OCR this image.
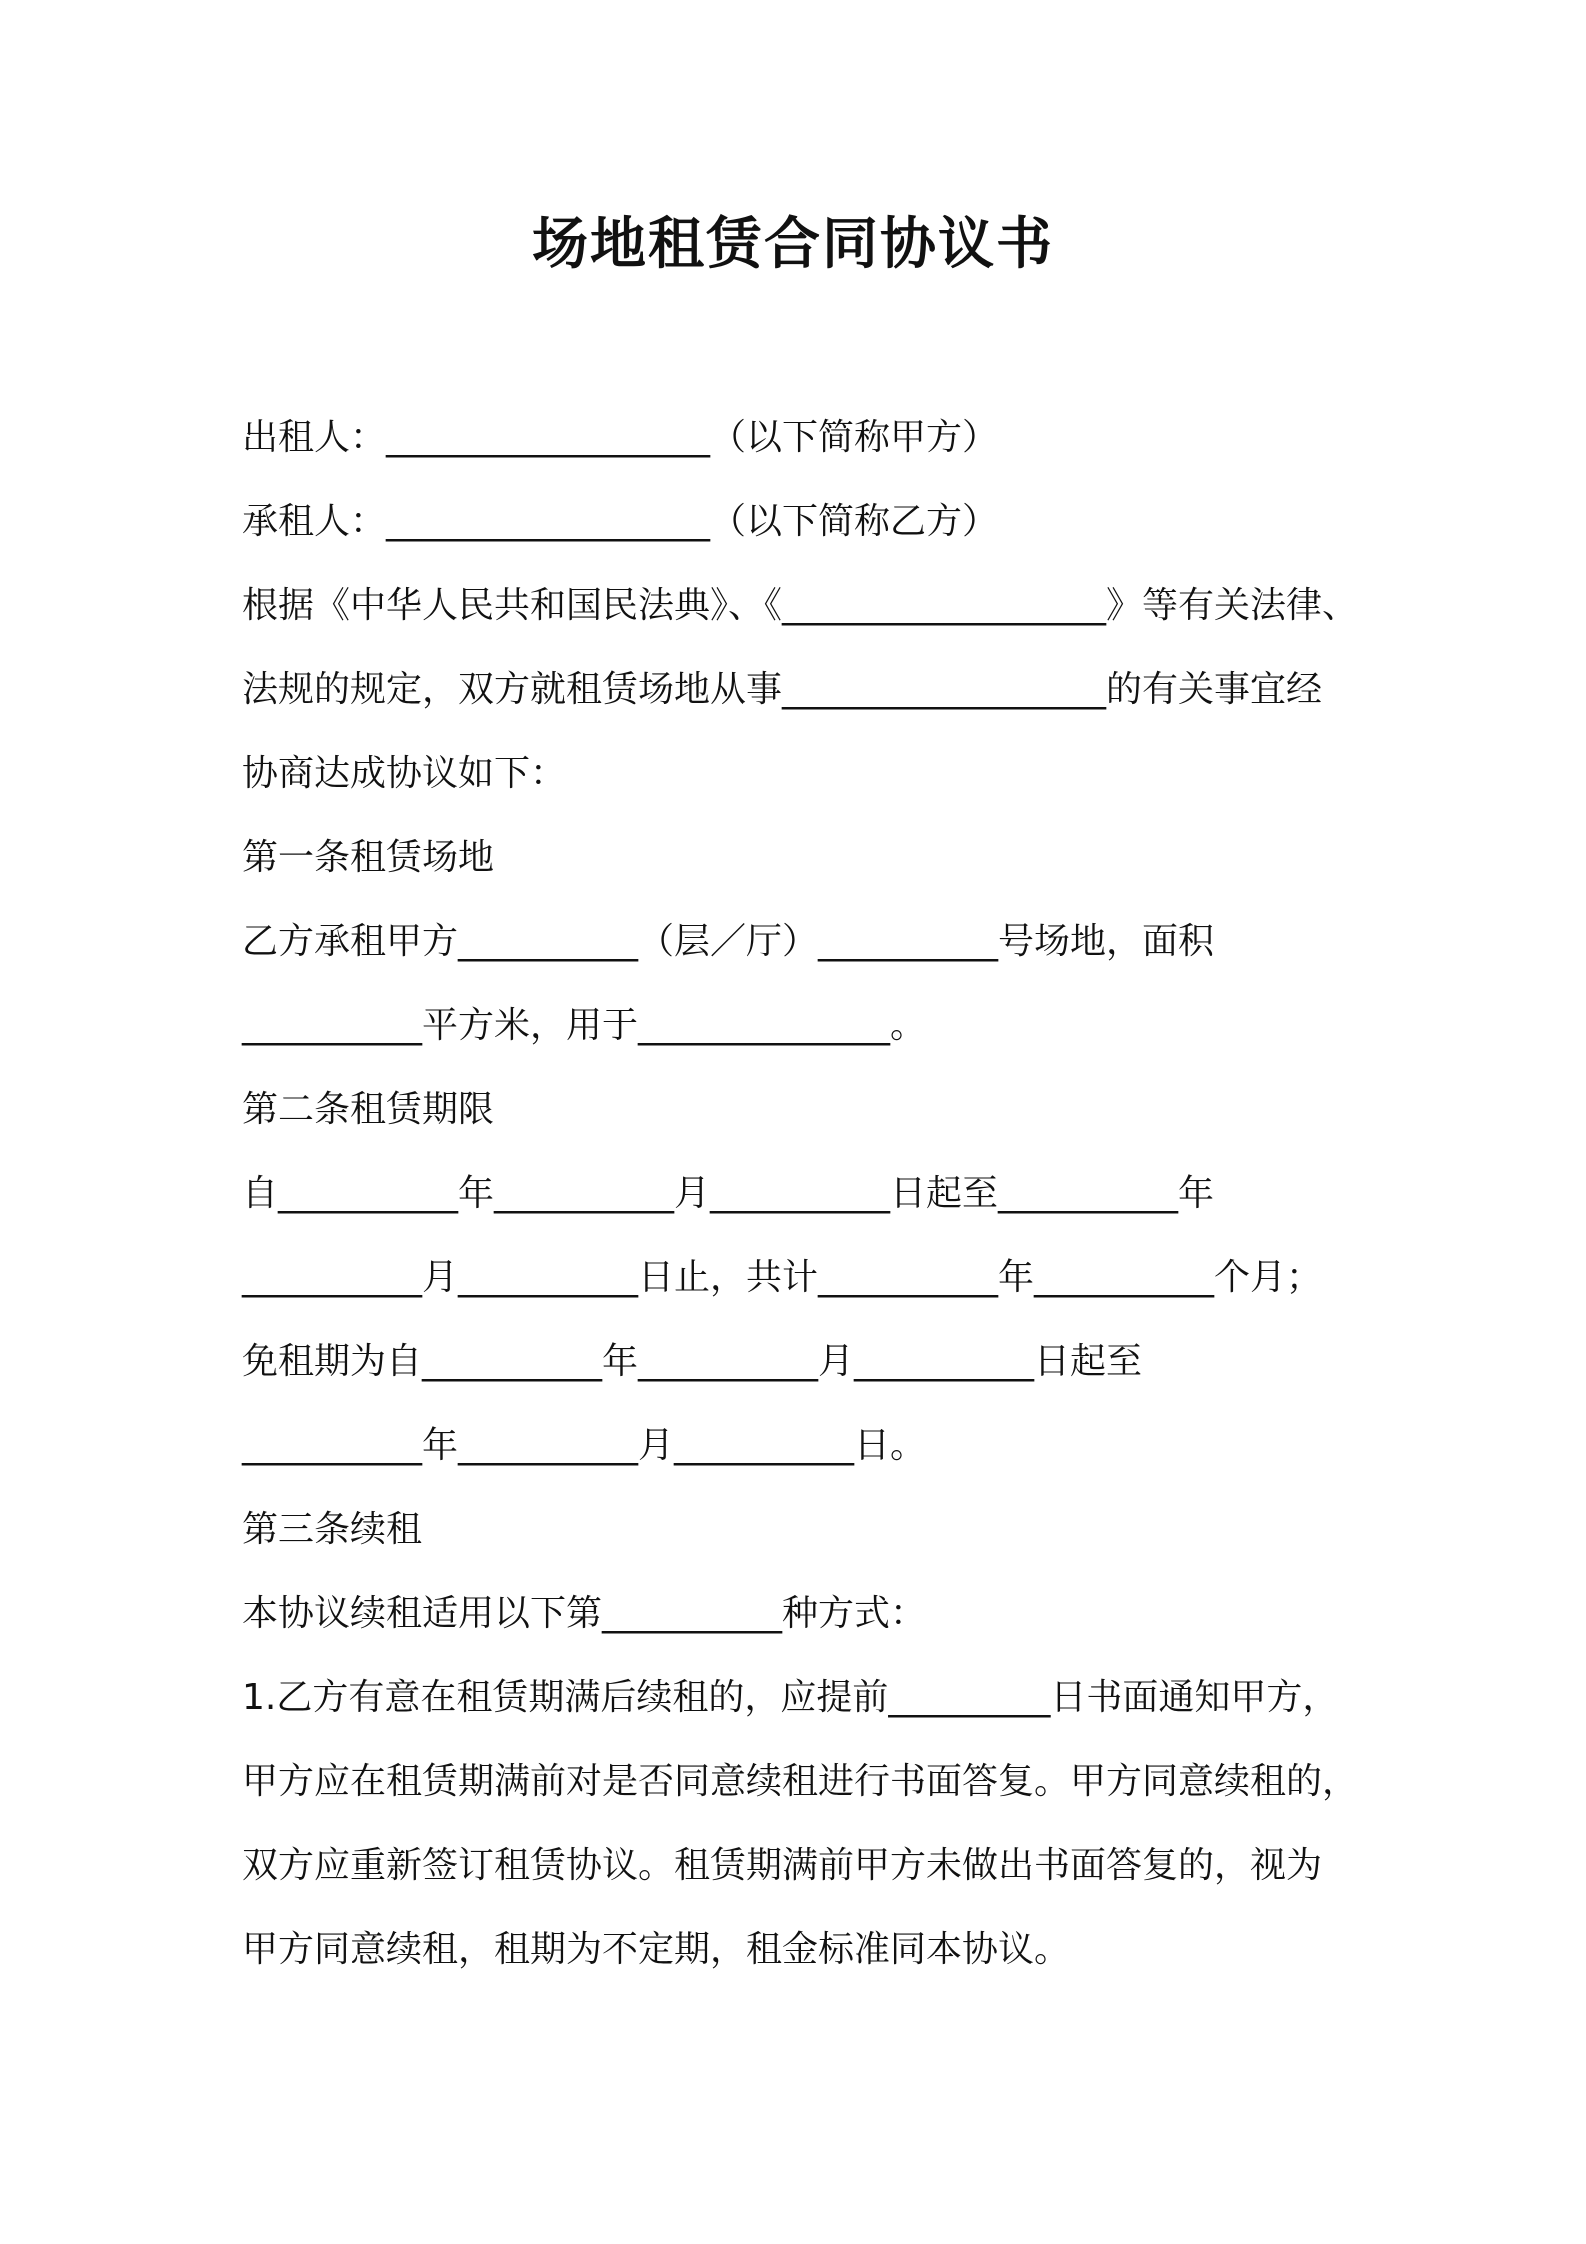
场地租赁合同协议书
出租人：__________________（以下简称甲方）
承租人：__________________（以下简称乙方）
根据《中华人民共和国民法典》、《__________________》等有关法律、
法规的规定，双方就租赁场地从事__________________的有关事宜经
协商达成协议如下：
第一条租赁场地
乙方承租甲方__________（层／厅）__________号场地，面积
__________平方米，用于______________。
第二条租赁期限
自__________年__________月__________日起至__________年
__________月__________日止，共计__________年__________个月；
免租期为自__________年__________月__________日起至
__________年__________月__________日。
第三条续租
本协议续租适用以下第__________种方式：
1.乙方有意在租赁期满后续租的，应提前_________日书面通知甲方，
甲方应在租赁期满前对是否同意续租进行书面答复。甲方同意续租的，
双方应重新签订租赁协议。租赁期满前甲方未做出书面答复的，视为
甲方同意续租，租期为不定期，租金标准同本协议。
